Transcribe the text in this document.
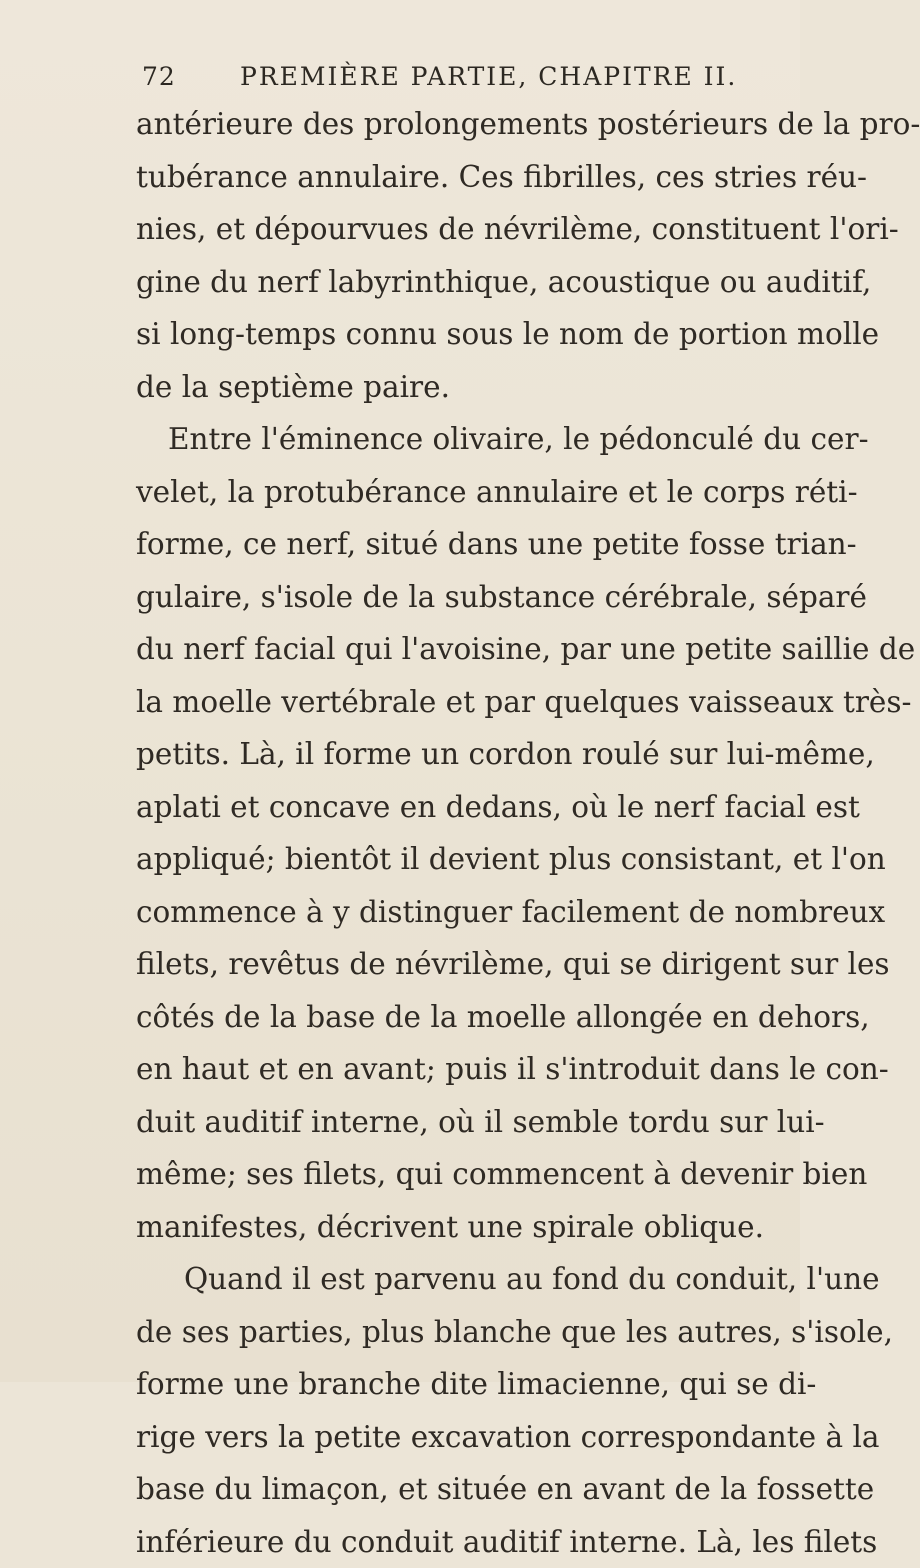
72	PREMIÈRE PARTIE, CHAPITRE II.
antérieure des prolongements postérieurs de la pro-
tubérance annulaire. Ces fibrilles, ces stries réu-
nies, et dépourvues de névrilème, constituent l'ori-
gine du nerf labyrinthique, acoustique ou auditif,
si long-temps connu sous le nom de portion molle
de la septième paire.
Entre l'éminence olivaire, le pédonculé du cer-
velet, la protubérance annulaire et le corps réti-
forme, ce nerf, situé dans une petite fosse trian-
gulaire, s'isole de la substance cérébrale, séparé
du nerf facial qui l'avoisine, par une petite saillie de
la moelle vertébrale et par quelques vaisseaux très-
petits. Là, il forme un cordon roulé sur lui-même,
aplati et concave en dedans, où le nerf facial est
appliqué; bientôt il devient plus consistant, et l'on
commence à y distinguer facilement de nombreux
filets, revêtus de névrilème, qui se dirigent sur les
côtés de la base de la moelle allongée en dehors,
en haut et en avant; puis il s'introduit dans le con-
duit auditif interne, où il semble tordu sur lui-
même; ses filets, qui commencent à devenir bien
manifestes, décrivent une spirale oblique.
Quand il est parvenu au fond du conduit, l'une
de ses parties, plus blanche que les autres, s'isole,
forme une branche dite limacienne, qui se di-
rige vers la petite excavation correspondante à la
base du limaçon, et située en avant de la fossette
inférieure du conduit auditif interne. Là, les filets
